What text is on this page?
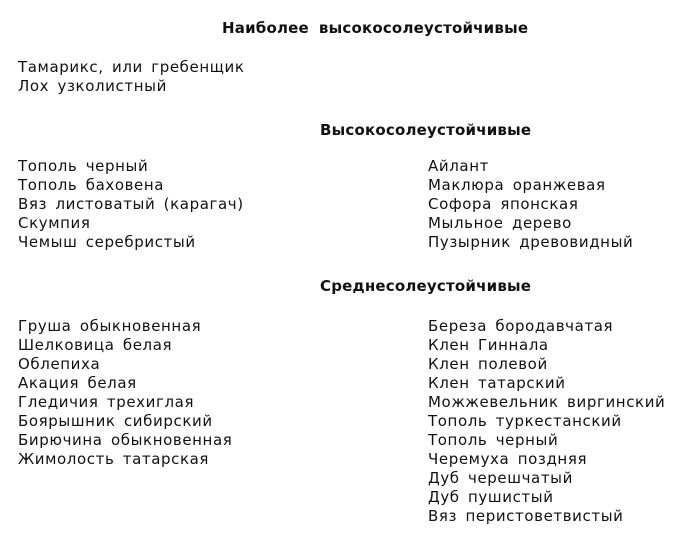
Наиболее высокосолеустойчивые
Тамарикс, или гребенщик
Лох узколистный
Высокосолеустойчивые
Тополь черный
Тополь баховена
Вяз листоватый (карагач)
Скумпия
Чемыш серебристый
Айлант
Маклюра оранжевая
Софора японская
Мыльное дерево
Пузырник древовидный
Среднесолеустойчивые
Груша обыкновенная
Шелковица белая
Облепиха
Акация белая
Гледичия трехиглая
Боярышник сибирский
Бирючина обыкновенная
Жимолость татарская
Береза бородавчатая
Клен Гиннала
Клен полевой
Клен татарский
Можжевельник виргинский
Тополь туркестанский
Тополь черный
Черемуха поздняя
Дуб черешчатый
Дуб пушистый
Вяз перистоветвистый
